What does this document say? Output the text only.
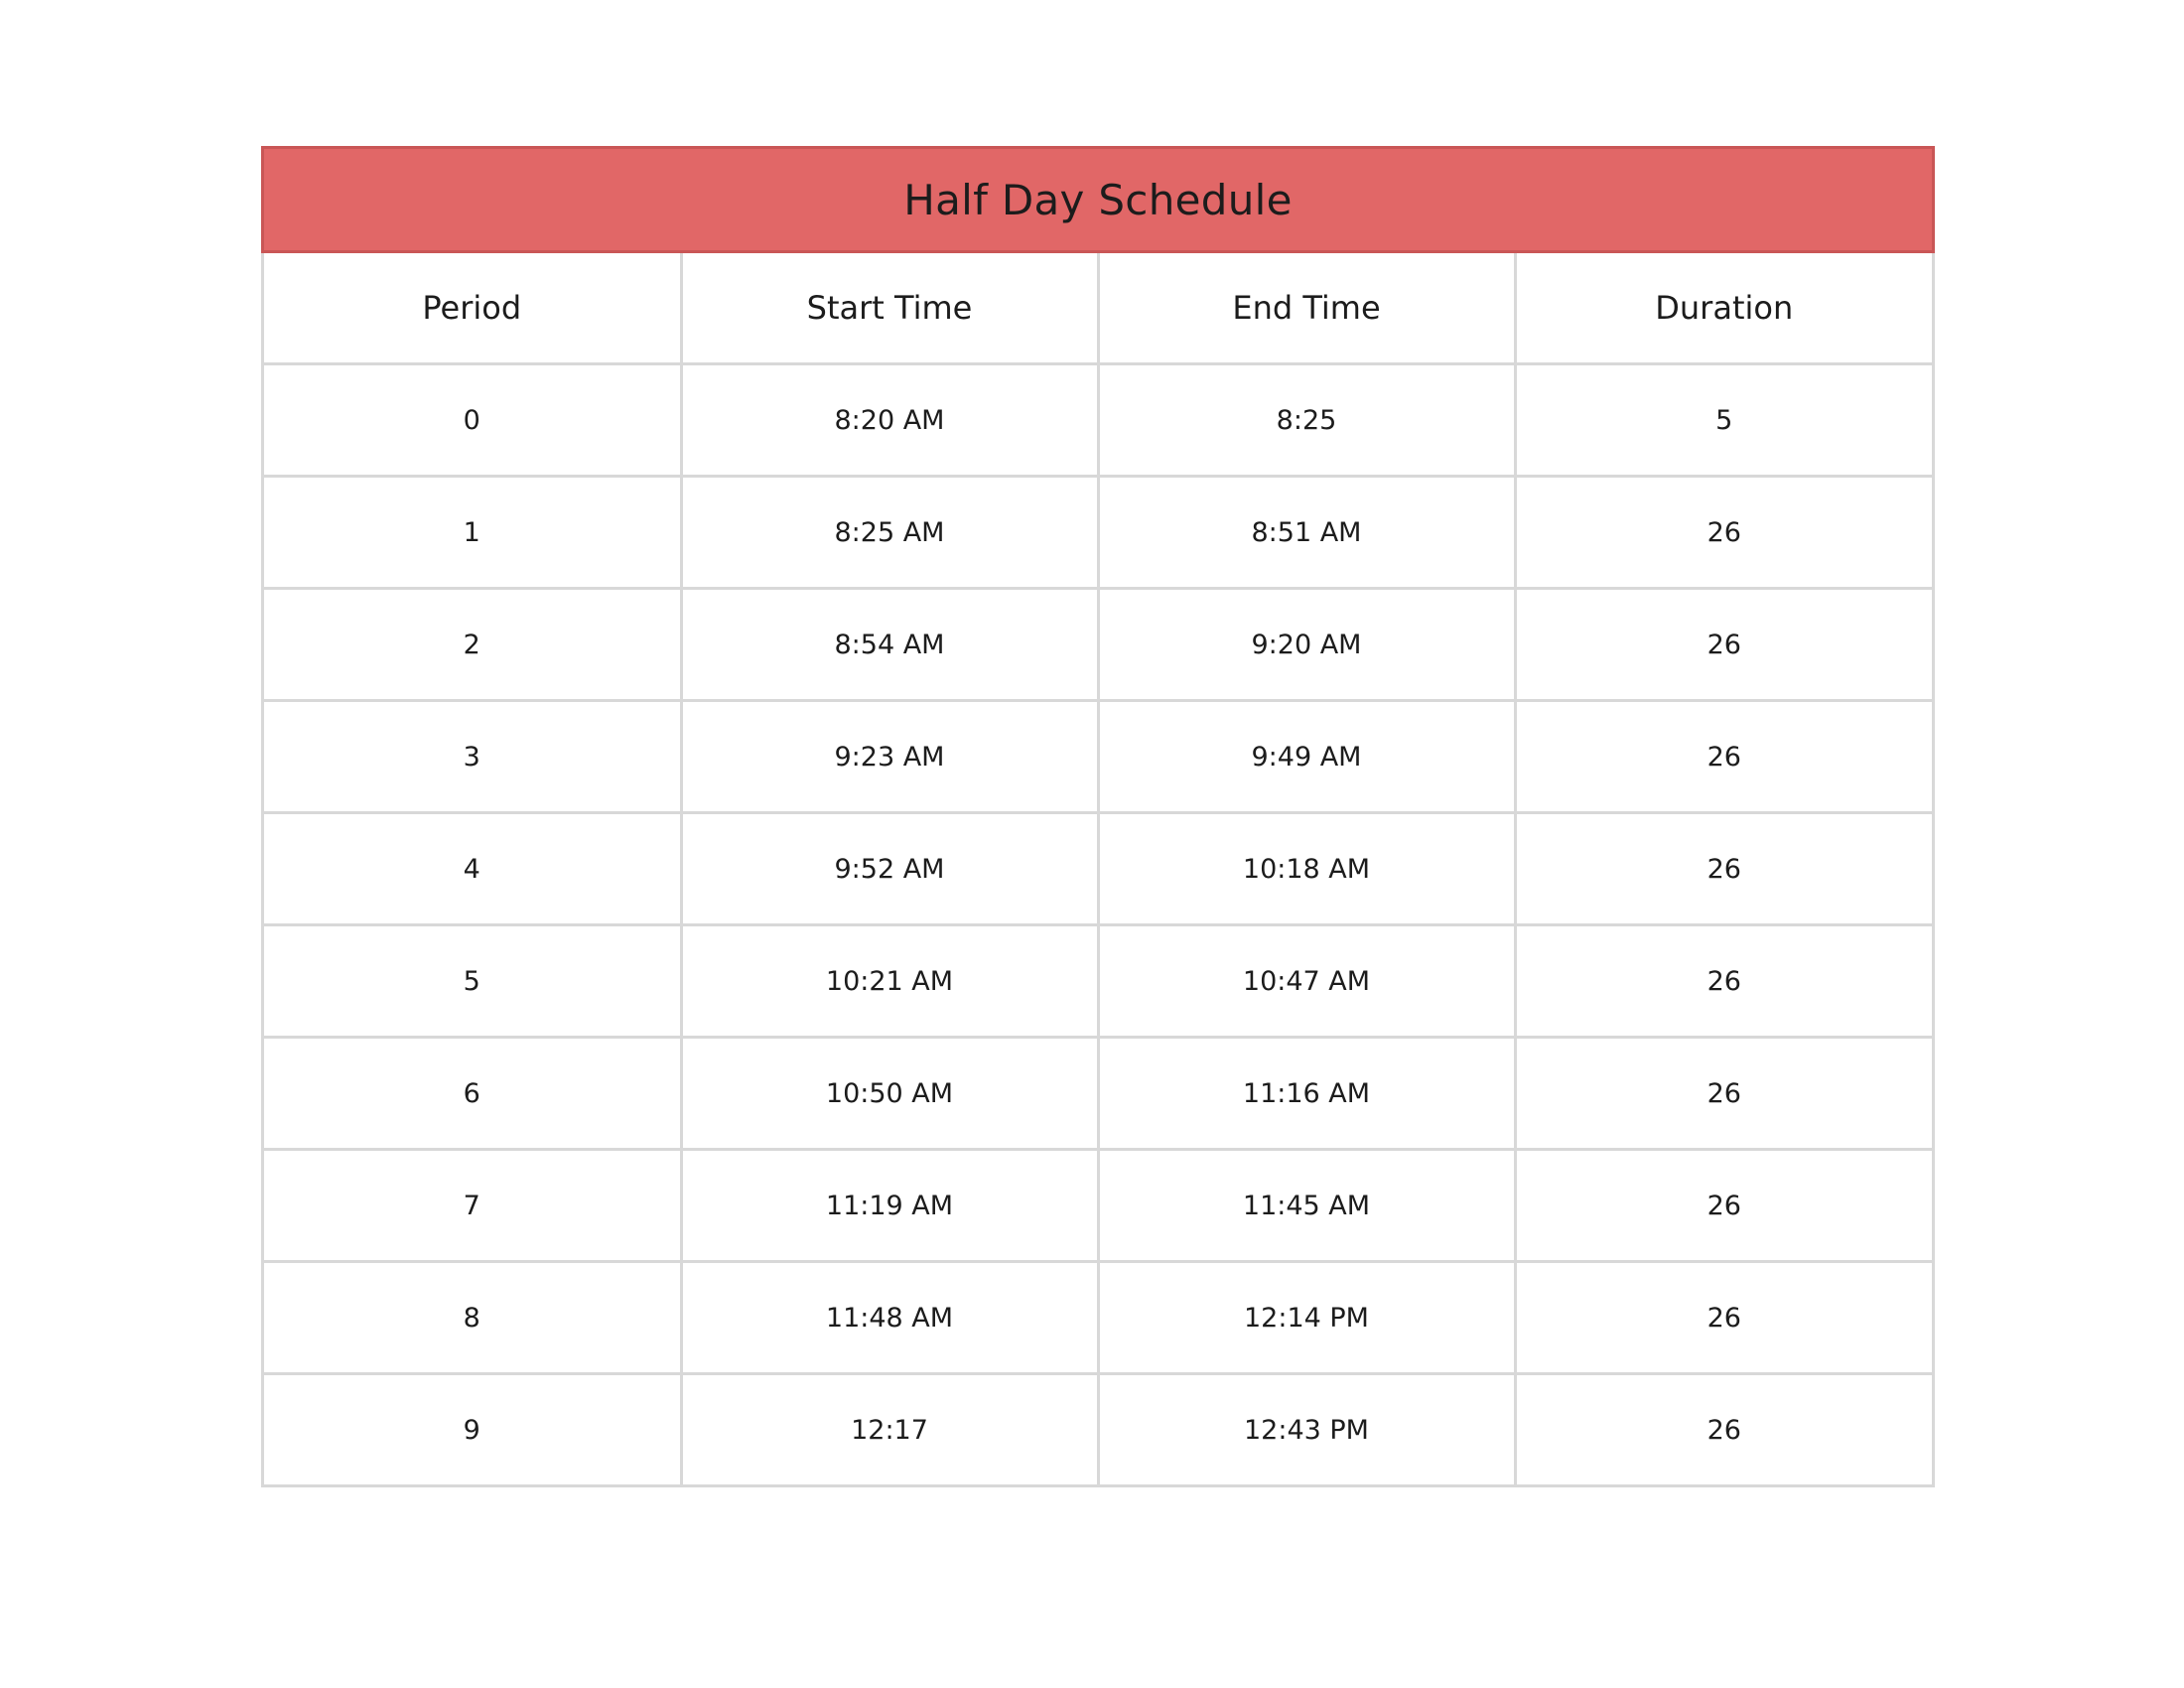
Half Day Schedule
Period	Start Time	End Time	Duration
0	8:20 AM	8:25	5
1	8:25 AM	8:51 AM	26
2	8:54 AM	9:20 AM	26
3	9:23 AM	9:49 AM	26
4	9:52 AM	10:18 AM	26
5	10:21 AM	10:47 AM	26
6	10:50 AM	11:16 AM	26
7	11:19 AM	11:45 AM	26
8	11:48 AM	12:14 PM	26
9	12:17	12:43 PM	26
